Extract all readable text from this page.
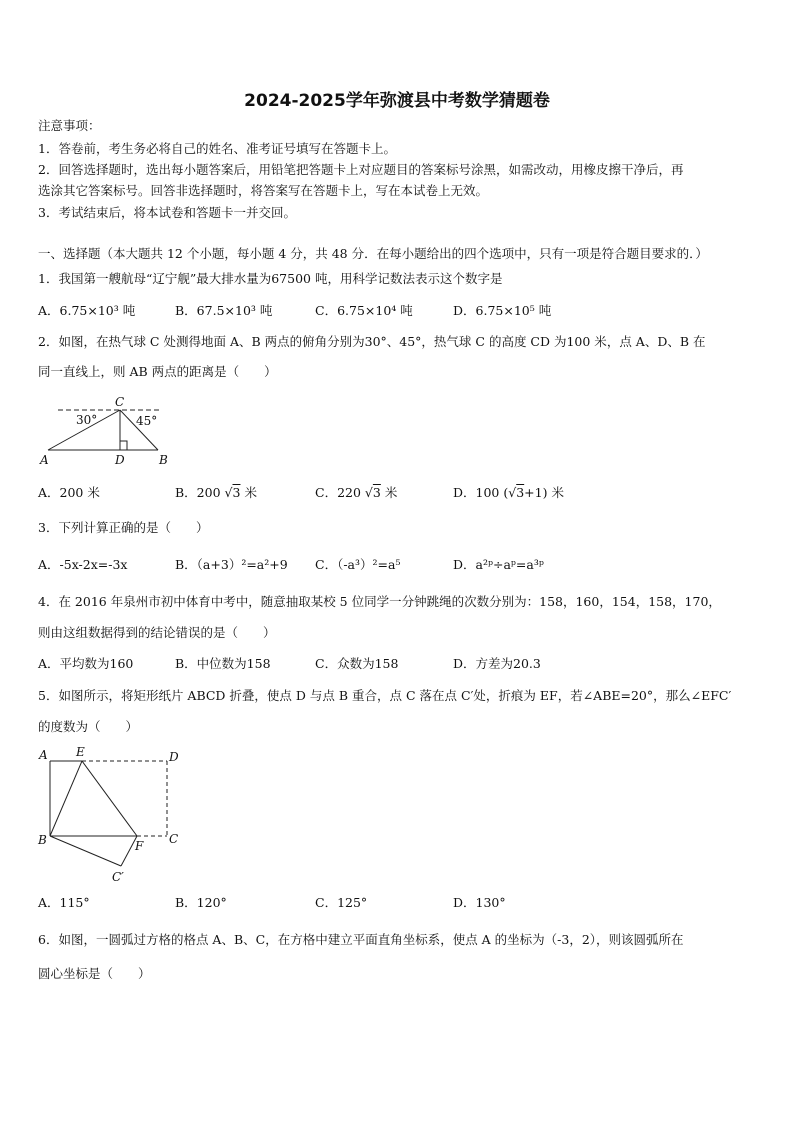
2024-2025学年弥渡县中考数学猜题卷
注意事项：
1．答卷前，考生务必将自己的姓名、准考证号填写在答题卡上。
2．回答选择题时，选出每小题答案后，用铅笔把答题卡上对应题目的答案标号涂黑，如需改动，用橡皮擦干净后，再
选涂其它答案标号。回答非选择题时，将答案写在答题卡上，写在本试卷上无效。
3．考试结束后，将本试卷和答题卡一并交回。
一、选择题（本大题共 12 个小题，每小题 4 分，共 48 分．在每小题给出的四个选项中，只有一项是符合题目要求的．）
1．我国第一艘航母“辽宁舰”最大排水量为67500 吨，用科学记数法表示这个数字是
A．6.75×10³ 吨	B．67.5×10³ 吨	C．6.75×10⁴ 吨	D．6.75×10⁵ 吨
2．如图，在热气球 C 处测得地面 A、B 两点的俯角分别为30°、45°，热气球 C 的高度 CD 为100 米，点 A、D、B 在
同一直线上，则 AB 两点的距离是（　　）
C
30°	45°
A	D	B
A．200 米	B．200 √3 米	C．220 √3 米	D．100 (√3+1) 米
3．下列计算正确的是（　　）
A．-5x-2x=-3x	B．（a+3）²=a²+9 C．（-a³）²=a⁵	D．a²ᵖ÷aᵖ=a³ᵖ
4．在 2016 年泉州市初中体育中考中，随意抽取某校 5 位同学一分钟跳绳的次数分别为：158，160，154，158，170，
则由这组数据得到的结论错误的是（　　）
A．平均数为160	B．中位数为158	C．众数为158	D．方差为20.3
5．如图所示，将矩形纸片 ABCD 折叠，使点 D 与点 B 重合，点 C 落在点 C′处，折痕为 EF，若∠ABE=20°，那么∠EFC′
的度数为（　　）
A E	D
B	F C
C′
A．115°	B．120°	C．125°	D．130°
6．如图，一圆弧过方格的格点 A、B、C，在方格中建立平面直角坐标系，使点 A 的坐标为（-3，2），则该圆弧所在
圆心坐标是（　　）
